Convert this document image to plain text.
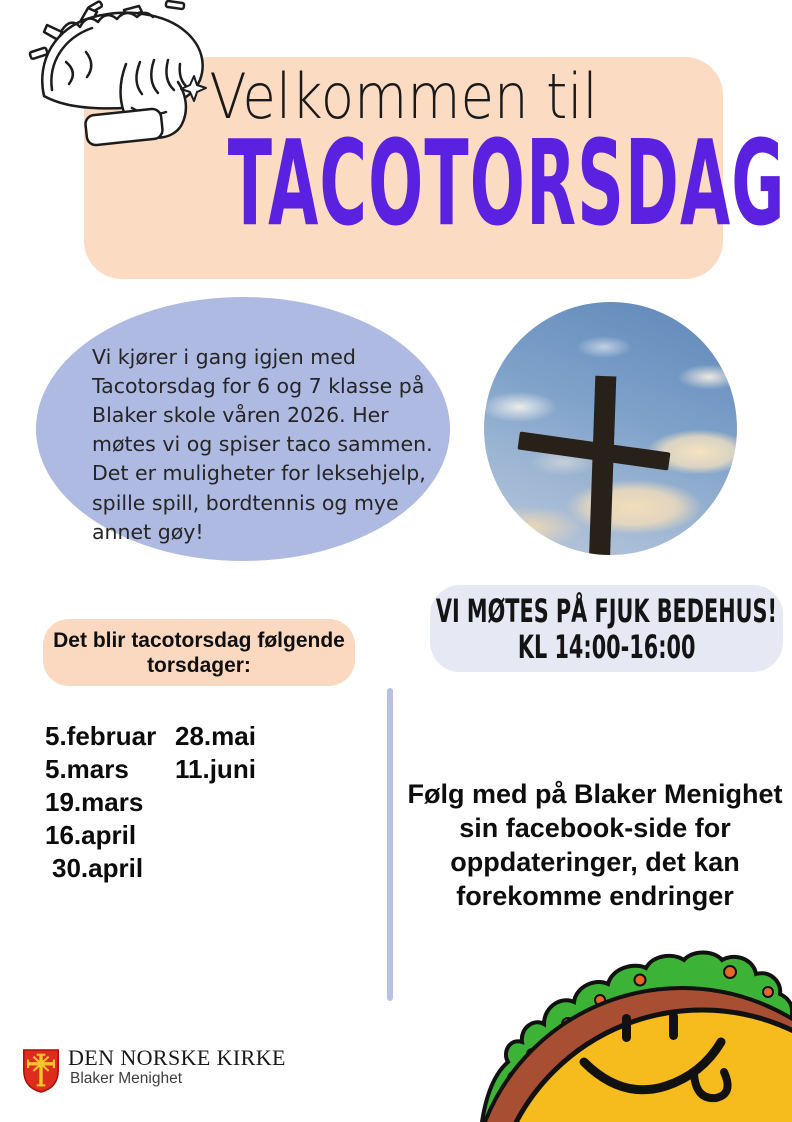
Velkommen til
TACOTORSDAG
Vi kjører i gang igjen med Tacotorsdag for 6 og 7 klasse på Blaker skole våren 2026. Her møtes vi og spiser taco sammen. Det er muligheter for leksehjelp, spille spill, bordtennis og mye annet gøy!
VI MØTES PÅ FJUK BEDEHUS!
KL 14:00-16:00
Det blir tacotorsdag følgende
torsdager:
5.februar
5.mars
19.mars
16.april
30.april
28.mai
11.juni
Følg med på Blaker Menighet
sin facebook-side for
oppdateringer, det kan
forekomme endringer
DEN NORSKE KIRKE
Blaker Menighet
